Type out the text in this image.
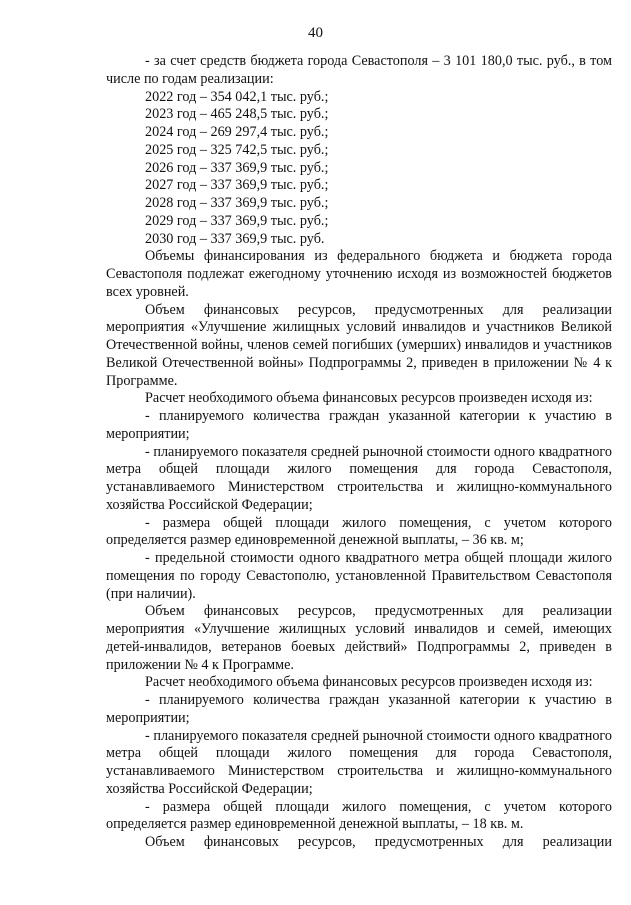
40

- за счет средств бюджета города Севастополя – 3 101 180,0 тыс. руб., в том числе по годам реализации:

2022 год – 354 042,1 тыс. руб.;
2023 год – 465 248,5 тыс. руб.;
2024 год – 269 297,4 тыс. руб.;
2025 год – 325 742,5 тыс. руб.;
2026 год – 337 369,9 тыс. руб.;
2027 год – 337 369,9 тыс. руб.;
2028 год – 337 369,9 тыс. руб.;
2029 год – 337 369,9 тыс. руб.;
2030 год – 337 369,9 тыс. руб.

Объемы финансирования из федерального бюджета и бюджета города Севастополя подлежат ежегодному уточнению исходя из возможностей бюджетов всех уровней.

Объем финансовых ресурсов, предусмотренных для реализации мероприятия «Улучшение жилищных условий инвалидов и участников Великой Отечественной войны, членов семей погибших (умерших) инвалидов и участников Великой Отечественной войны» Подпрограммы 2, приведен в приложении № 4 к Программе.

Расчет необходимого объема финансовых ресурсов произведен исходя из:

- планируемого количества граждан указанной категории к участию в мероприятии;

- планируемого показателя средней рыночной стоимости одного квадратного метра общей площади жилого помещения для города Севастополя, устанавливаемого Министерством строительства и жилищно-коммунального хозяйства Российской Федерации;

- размера общей площади жилого помещения, с учетом которого определяется размер единовременной денежной выплаты, – 36 кв. м;

- предельной стоимости одного квадратного метра общей площади жилого помещения по городу Севастополю, установленной Правительством Севастополя (при наличии).

Объем финансовых ресурсов, предусмотренных для реализации мероприятия «Улучшение жилищных условий инвалидов и семей, имеющих детей-инвалидов, ветеранов боевых действий» Подпрограммы 2, приведен в приложении № 4 к Программе.

Расчет необходимого объема финансовых ресурсов произведен исходя из:

- планируемого количества граждан указанной категории к участию в мероприятии;

- планируемого показателя средней рыночной стоимости одного квадратного метра общей площади жилого помещения для города Севастополя, устанавливаемого Министерством строительства и жилищно-коммунального хозяйства Российской Федерации;

- размера общей площади жилого помещения, с учетом которого определяется размер единовременной денежной выплаты, – 18 кв. м.

Объем финансовых ресурсов, предусмотренных для реализации
